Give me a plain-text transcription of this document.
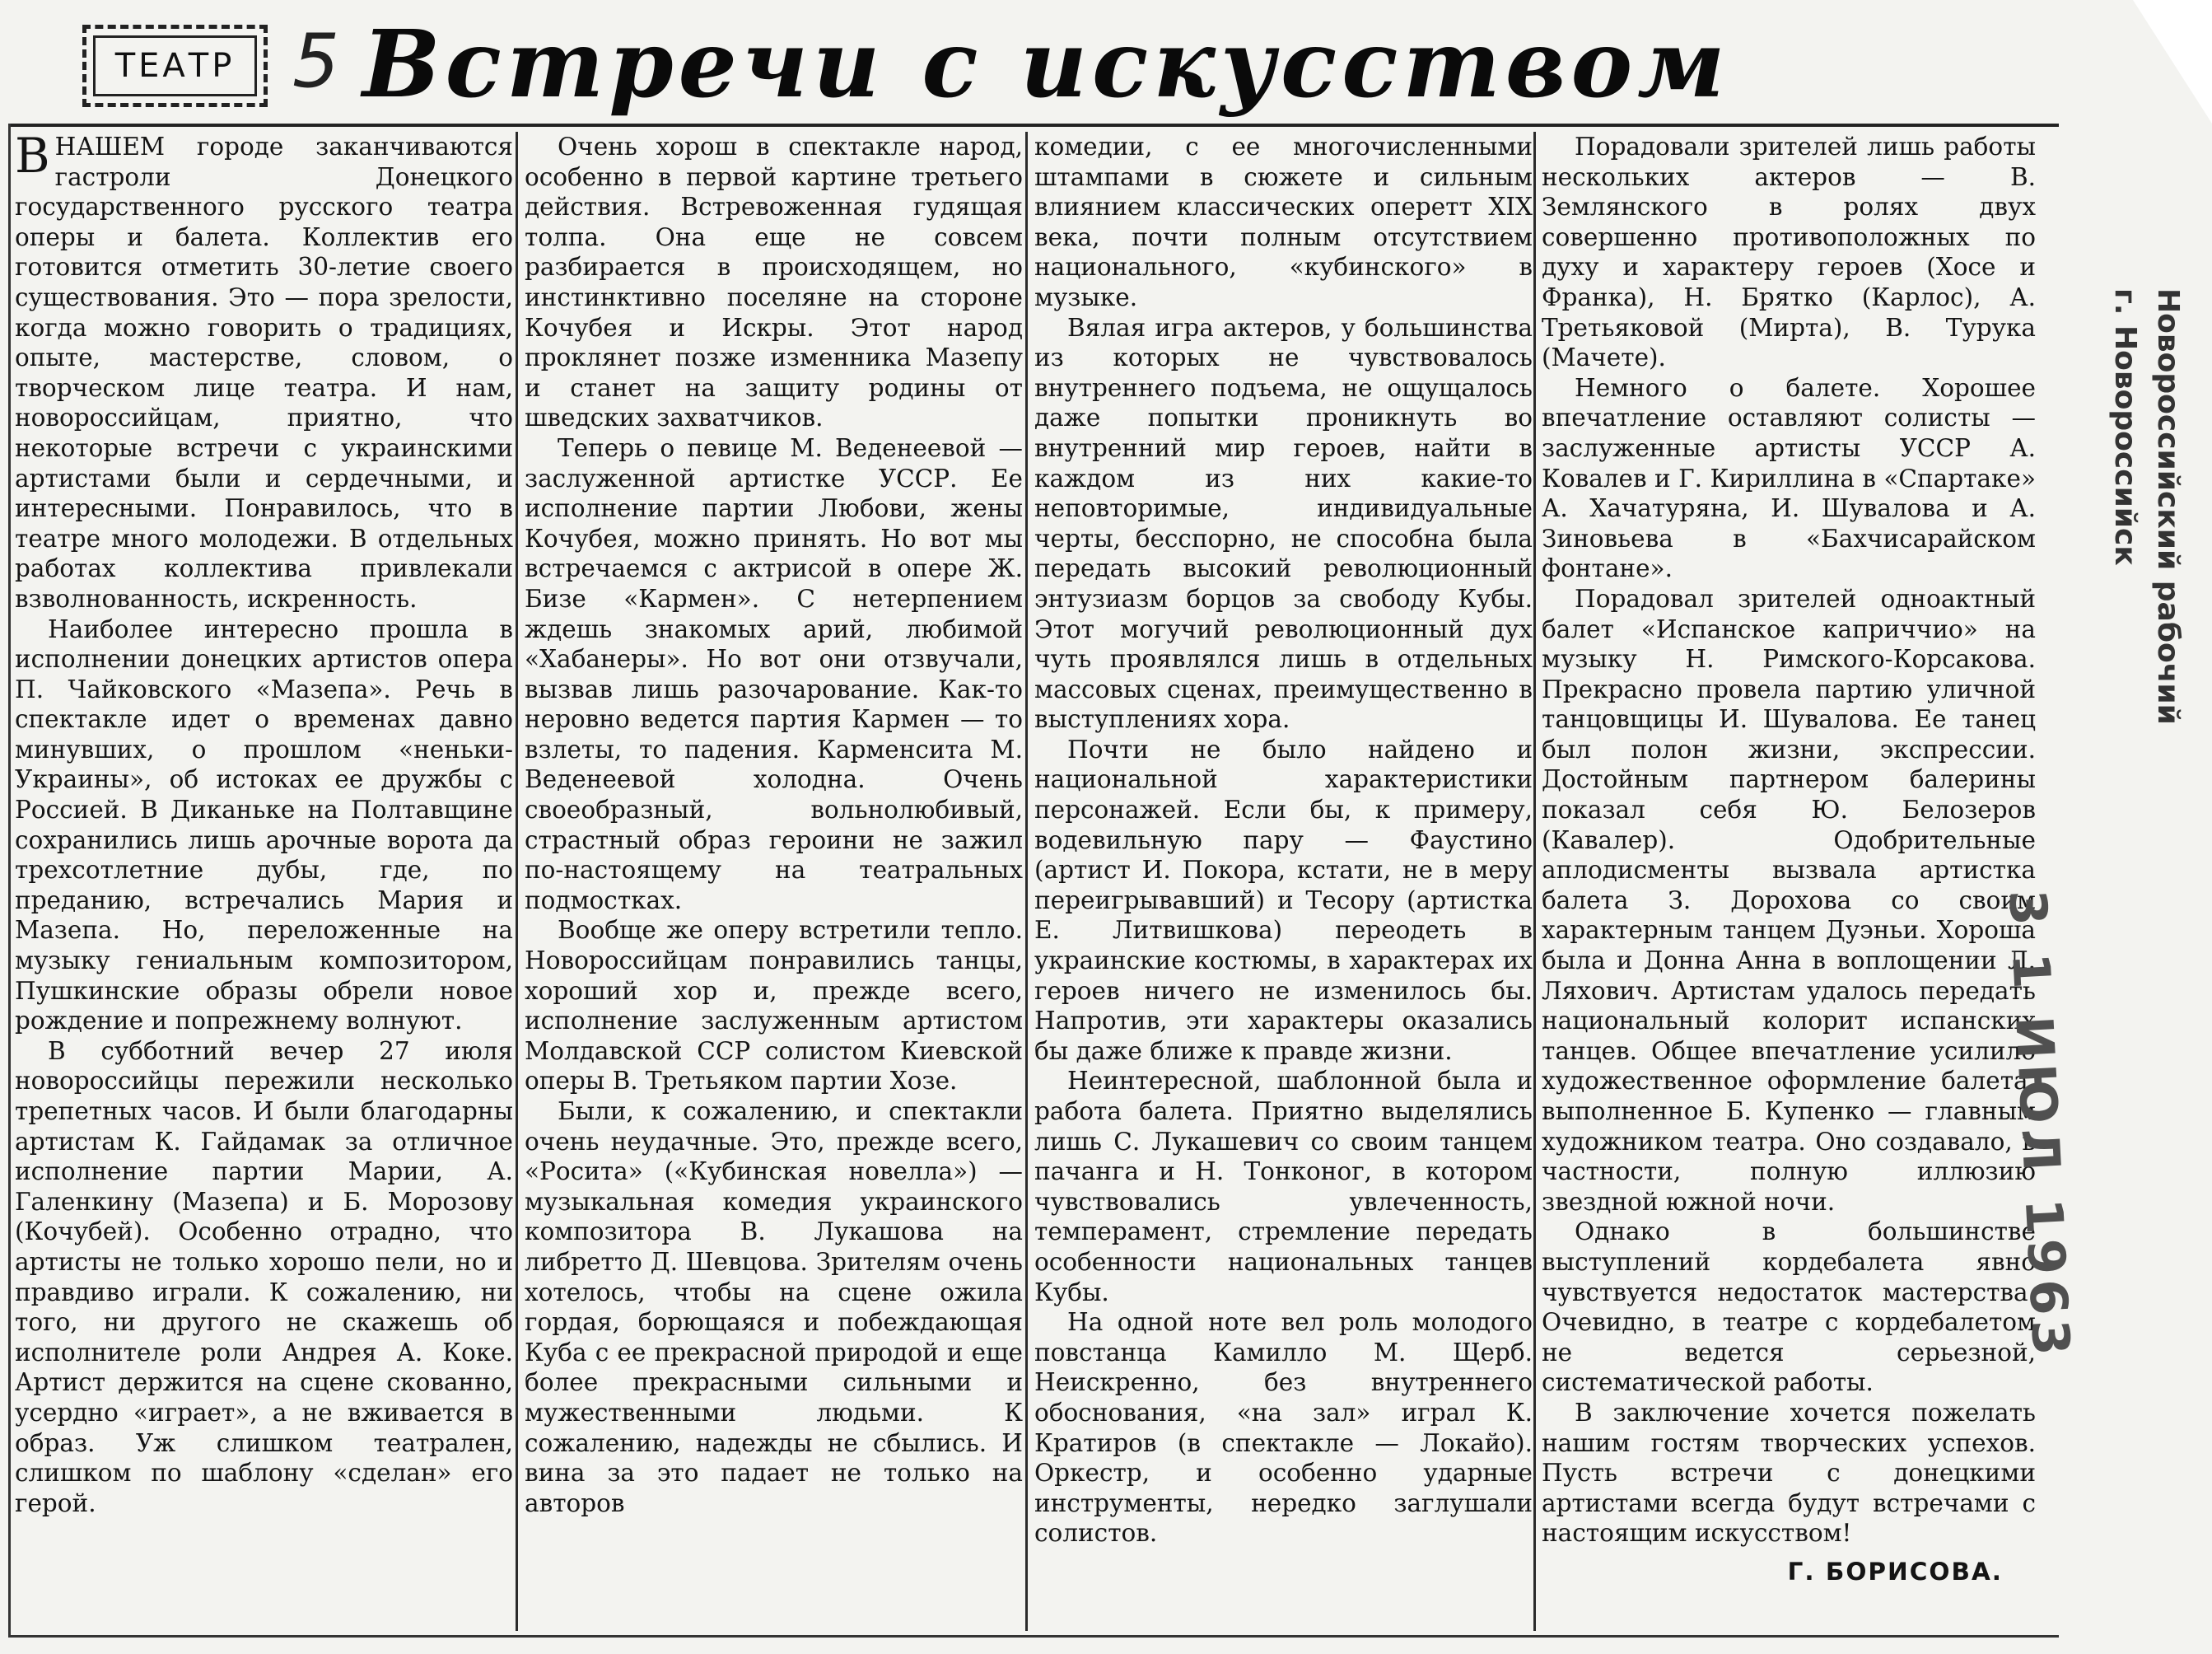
ТЕАТР 5 Встречи с искусством

В НАШЕМ городе заканчиваются гастроли Донецкого государственного русского театра оперы и балета. Коллектив его готовится отметить 30-летие своего существования. Это — пора зрелости, когда можно говорить о традициях, опыте, мастерстве, словом, о творческом лице театра. И нам, новороссийцам, приятно, что некоторые встречи с украинскими артистами были и сердечными, и интересными. Понравилось, что в театре много молодежи. В отдельных работах коллектива привлекали взволнованность, искренность.

Наиболее интересно прошла в исполнении донецких артистов опера П. Чайковского «Мазепа». Речь в спектакле идет о временах давно минувших, о прошлом «неньки-Украины», об истоках ее дружбы с Россией. В Диканьке на Полтавщине сохранились лишь арочные ворота да трехсотлетние дубы, где, по преданию, встречались Мария и Мазепа. Но, переложенные на музыку гениальным композитором, Пушкинские образы обрели новое рождение и попрежнему волнуют.

В субботний вечер 27 июля новороссийцы пережили несколько трепетных часов. И были благодарны артистам К. Гайдамак за отличное исполнение партии Марии, А. Галенкину (Мазепа) и Б. Морозову (Кочубей). Особенно отрадно, что артисты не только хорошо пели, но и правдиво играли. К сожалению, ни того, ни другого не скажешь об исполнителе роли Андрея А. Коке. Артист держится на сцене скованно, усердно «играет», а не вживается в образ. Уж слишком театрален, слишком по шаблону «сделан» его герой.

Очень хорош в спектакле народ, особенно в первой картине третьего действия. Встревоженная гудящая толпа. Она еще не совсем разбирается в происходящем, но инстинктивно поселяне на стороне Кочубея и Искры. Этот народ проклянет позже изменника Мазепу и станет на защиту родины от шведских захватчиков.

Теперь о певице М. Веденеевой — заслуженной артистке УССР. Ее исполнение партии Любови, жены Кочубея, можно принять. Но вот мы встречаемся с актрисой в опере Ж. Бизе «Кармен». С нетерпением ждешь знакомых арий, любимой «Хабанеры». Но вот они отзвучали, вызвав лишь разочарование. Как-то неровно ведется партия Кармен — то взлеты, то падения. Карменсита М. Веденеевой холодна. Очень своеобразный, вольнолюбивый, страстный образ героини не зажил по-настоящему на театральных подмостках.

Вообще же оперу встретили тепло. Новороссийцам понравились танцы, хороший хор и, прежде всего, исполнение заслуженным артистом Молдавской ССР солистом Киевской оперы В. Третьяком партии Хозе.

Были, к сожалению, и спектакли очень неудачные. Это, прежде всего, «Росита» («Кубинская новелла») — музыкальная комедия украинского композитора В. Лукашова на либретто Д. Шевцова. Зрителям очень хотелось, чтобы на сцене ожила гордая, борющаяся и побеждающая Куба с ее прекрасной природой и еще более прекрасными сильными и мужественными людьми. К сожалению, надежды не сбылись. И вина за это падает не только на авторов

комедии, с ее многочисленными штампами в сюжете и сильным влиянием классических оперетт XIX века, почти полным отсутствием национального, «кубинского» в музыке.

Вялая игра актеров, у большинства из которых не чувствовалось внутреннего подъема, не ощущалось даже попытки проникнуть во внутренний мир героев, найти в каждом из них какие-то неповторимые, индивидуальные черты, бесспорно, не способна была передать высокий революционный энтузиазм борцов за свободу Кубы. Этот могучий революционный дух чуть проявлялся лишь в отдельных массовых сценах, преимущественно в выступлениях хора.

Почти не было найдено и национальной характеристики персонажей. Если бы, к примеру, водевильную пару — Фаустино (артист И. Покора, кстати, не в меру переигрывавший) и Тесору (артистка Е. Литвишкова) переодеть в украинские костюмы, в характерах их героев ничего не изменилось бы. Напротив, эти характеры оказались бы даже ближе к правде жизни.

Неинтересной, шаблонной была и работа балета. Приятно выделялись лишь С. Лукашевич со своим танцем пачанга и Н. Тонконог, в котором чувствовались увлеченность, темперамент, стремление передать особенности национальных танцев Кубы.

На одной ноте вел роль молодого повстанца Камилло М. Щерб. Неискренно, без внутреннего обоснования, «на зал» играл К. Кратиров (в спектакле — Локайо). Оркестр, и особенно ударные инструменты, нередко заглушали солистов.

Порадовали зрителей лишь работы нескольких актеров — В. Землянского в ролях двух совершенно противоположных по духу и характеру героев (Хосе и Франка), Н. Брятко (Карлос), А. Третьяковой (Мирта), В. Турука (Мачете).

Немного о балете. Хорошее впечатление оставляют солисты — заслуженные артисты УССР А. Ковалев и Г. Кириллина в «Спартаке» А. Хачатуряна, И. Шувалова и А. Зиновьева в «Бахчисарайском фонтане».

Порадовал зрителей одноактный балет «Испанское каприччио» на музыку Н. Римского-Корсакова. Прекрасно провела партию уличной танцовщицы И. Шувалова. Ее танец был полон жизни, экспрессии. Достойным партнером балерины показал себя Ю. Белозеров (Кавалер). Одобрительные аплодисменты вызвала артистка балета З. Дорохова со своим характерным танцем Дуэньи. Хороша была и Донна Анна в воплощении Л. Ляхович. Артистам удалось передать национальный колорит испанских танцев. Общее впечатление усилило художественное оформление балета, выполненное Б. Купенко — главным художником театра. Оно создавало, в частности, полную иллюзию звездной южной ночи.

Однако в большинстве выступлений кордебалета явно чувствуется недостаток мастерства. Очевидно, в театре с кордебалетом не ведется серьезной, систематической работы.

В заключение хочется пожелать нашим гостям творческих успехов. Пусть встречи с донецкими артистами всегда будут встречами с настоящим искусством!

Г. БОРИСОВА.
Новороссийский рабочий
г. Новороссийск
3 1 ИЮЛ 1963
